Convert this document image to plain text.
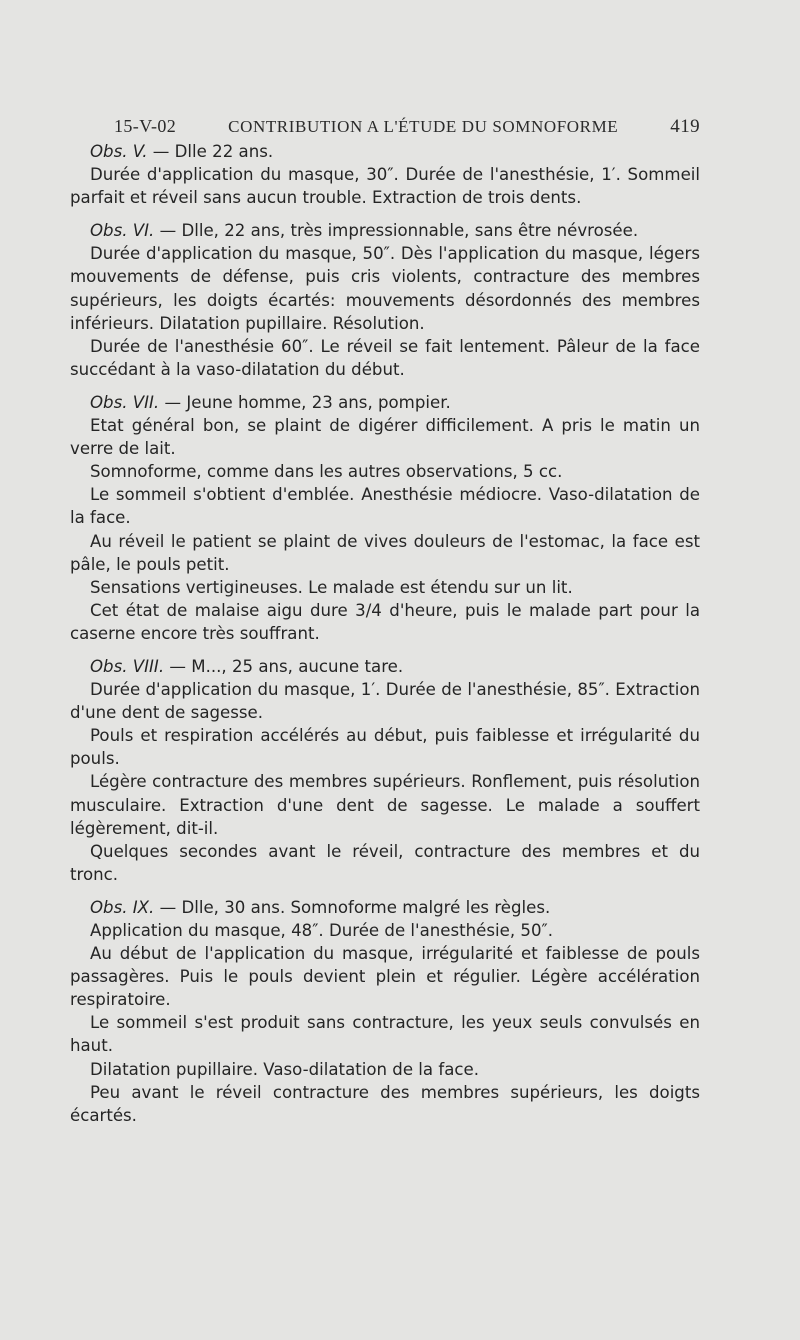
15-V-02	CONTRIBUTION A L'ÉTUDE DU SOMNOFORME	419

Obs. V. — Dlle 22 ans.

Durée d'application du masque, 30″. Durée de l'anesthésie, 1′. Sommeil parfait et réveil sans aucun trouble. Extraction de trois dents.

Obs. VI. — Dlle, 22 ans, très impressionnable, sans être névrosée.

Durée d'application du masque, 50″. Dès l'application du masque, légers mouvements de défense, puis cris violents, contracture des membres supérieurs, les doigts écartés: mouvements désordonnés des membres inférieurs. Dilatation pupillaire. Résolution.

Durée de l'anesthésie 60″. Le réveil se fait lentement. Pâleur de la face succédant à la vaso-dilatation du début.

Obs. VII. — Jeune homme, 23 ans, pompier.

Etat général bon, se plaint de digérer difficilement. A pris le matin un verre de lait.

Somnoforme, comme dans les autres observations, 5 cc.

Le sommeil s'obtient d'emblée. Anesthésie médiocre. Vaso-dilatation de la face.

Au réveil le patient se plaint de vives douleurs de l'estomac, la face est pâle, le pouls petit.

Sensations vertigineuses. Le malade est étendu sur un lit.

Cet état de malaise aigu dure 3/4 d'heure, puis le malade part pour la caserne encore très souffrant.

Obs. VIII. — M..., 25 ans, aucune tare.

Durée d'application du masque, 1′. Durée de l'anesthésie, 85″. Extraction d'une dent de sagesse.

Pouls et respiration accélérés au début, puis faiblesse et irrégularité du pouls.

Légère contracture des membres supérieurs. Ronflement, puis résolution musculaire. Extraction d'une dent de sagesse. Le malade a souffert légèrement, dit-il.

Quelques secondes avant le réveil, contracture des membres et du tronc.

Obs. IX. — Dlle, 30 ans. Somnoforme malgré les règles.

Application du masque, 48″. Durée de l'anesthésie, 50″.

Au début de l'application du masque, irrégularité et faiblesse de pouls passagères. Puis le pouls devient plein et régulier. Légère accélération respiratoire.

Le sommeil s'est produit sans contracture, les yeux seuls convulsés en haut.

Dilatation pupillaire. Vaso-dilatation de la face.

Peu avant le réveil contracture des membres supérieurs, les doigts écartés.
